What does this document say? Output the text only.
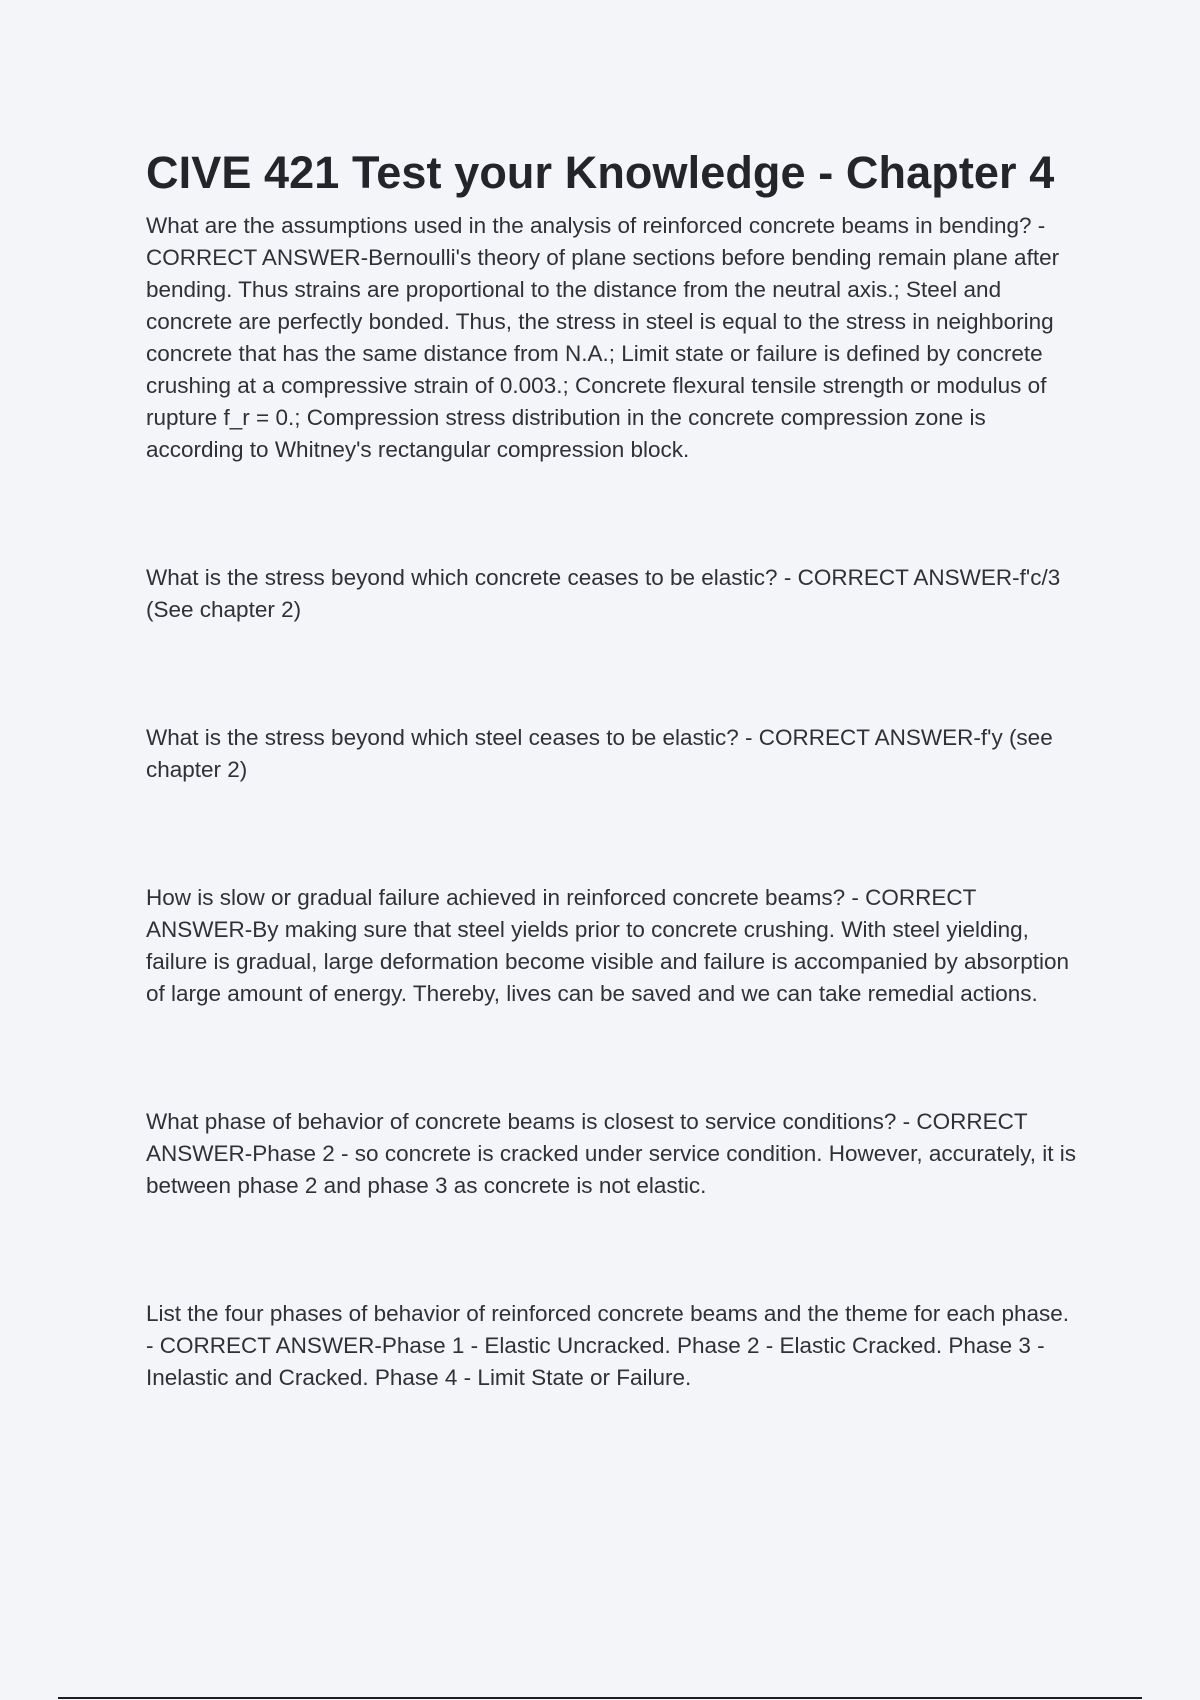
CIVE 421 Test your Knowledge - Chapter 4

What are the assumptions used in the analysis of reinforced concrete beams in bending? - CORRECT ANSWER-Bernoulli's theory of plane sections before bending remain plane after bending. Thus strains are proportional to the distance from the neutral axis.; Steel and concrete are perfectly bonded. Thus, the stress in steel is equal to the stress in neighboring concrete that has the same distance from N.A.; Limit state or failure is defined by concrete crushing at a compressive strain of 0.003.; Concrete flexural tensile strength or modulus of rupture f_r = 0.; Compression stress distribution in the concrete compression zone is according to Whitney's rectangular compression block.

What is the stress beyond which concrete ceases to be elastic? - CORRECT ANSWER-f'c/3 (See chapter 2)

What is the stress beyond which steel ceases to be elastic? - CORRECT ANSWER-f'y (see chapter 2)

How is slow or gradual failure achieved in reinforced concrete beams? - CORRECT ANSWER-By making sure that steel yields prior to concrete crushing. With steel yielding, failure is gradual, large deformation become visible and failure is accompanied by absorption of large amount of energy. Thereby, lives can be saved and we can take remedial actions.

What phase of behavior of concrete beams is closest to service conditions? - CORRECT ANSWER-Phase 2 - so concrete is cracked under service condition. However, accurately, it is between phase 2 and phase 3 as concrete is not elastic.

List the four phases of behavior of reinforced concrete beams and the theme for each phase. - CORRECT ANSWER-Phase 1 - Elastic Uncracked. Phase 2 - Elastic Cracked. Phase 3 - Inelastic and Cracked. Phase 4 - Limit State or Failure.
